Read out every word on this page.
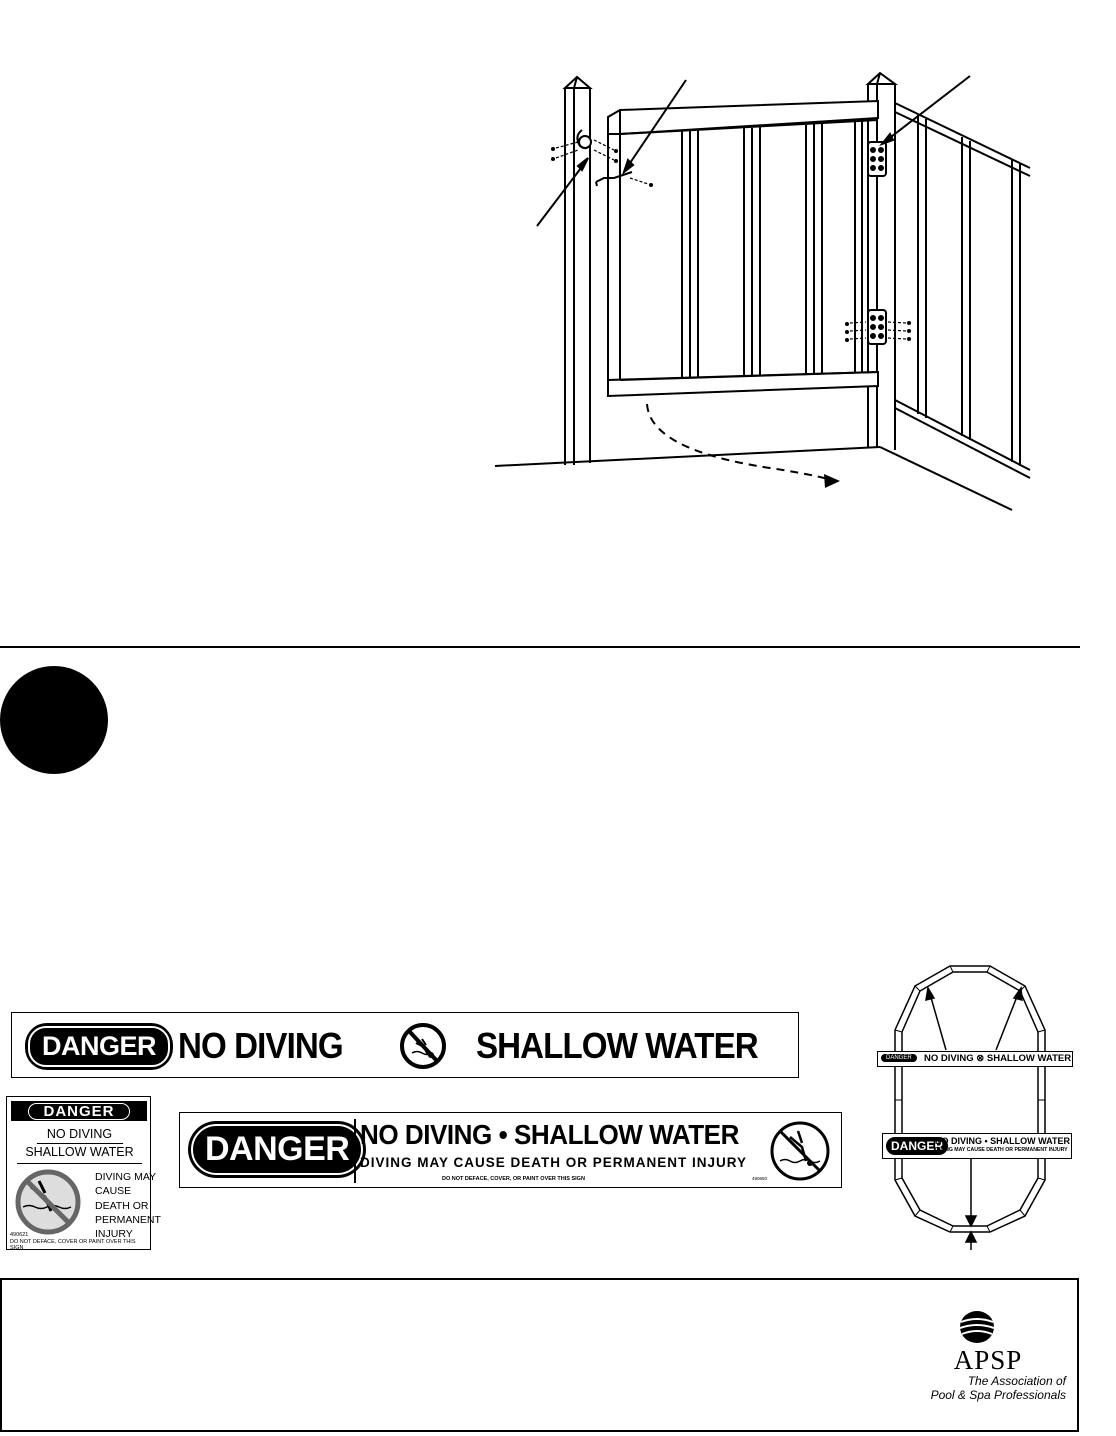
DANGER NO DIVING	SHALLOW WATER
DANGER
NO DIVING
SHALLOW WATER
DIVING MAY
CAUSE
DEATH OR
PERMANENT
INJURY
490621
DO NOT DEFACE, COVER OR PAINT OVER THIS SIGN
DANGER NO DIVING • SHALLOW WATER
DIVING MAY CAUSE DEATH OR PERMANENT INJURY
DO NOT DEFACE, COVER, OR PAINT OVER THIS SIGN	490650
DANGER	NO DIVING ⊗ SHALLOW WATER
DANGER
NO DIVING • SHALLOW WATER
DIVING MAY CAUSE DEATH OR PERMANENT INJURY
APSP
The Association of
Pool & Spa Professionals
